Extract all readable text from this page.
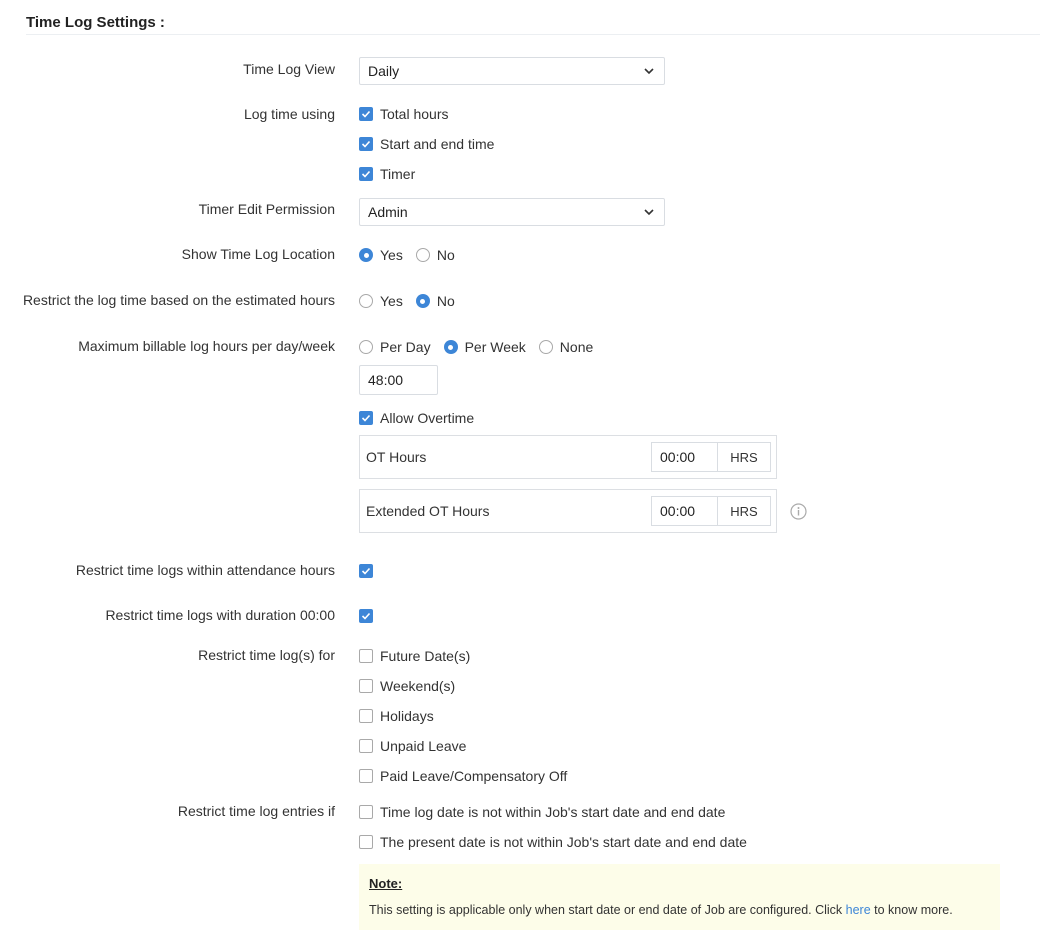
Time Log Settings :
Time Log View Daily
Log time using	Total hours
Start and end time
Timer
Timer Edit Permission Admin
Show Time Log Location	Yes No
Restrict the log time based on the estimated hours	Yes No
Maximum billable log hours per day/week	Per Day Per Week None
48:00
Allow Overtime
OT Hours	00:00	HRS
Extended OT Hours	00:00	HRS
Restrict time logs within attendance hours
Restrict time logs with duration 00:00
Restrict time log(s) for	Future Date(s)
Weekend(s)
Holidays
Unpaid Leave
Paid Leave/Compensatory Off
Restrict time log entries if	Time log date is not within Job's start date and end date
The present date is not within Job's start date and end date
Note:
This setting is applicable only when start date or end date of Job are configured. Click here to know more.
